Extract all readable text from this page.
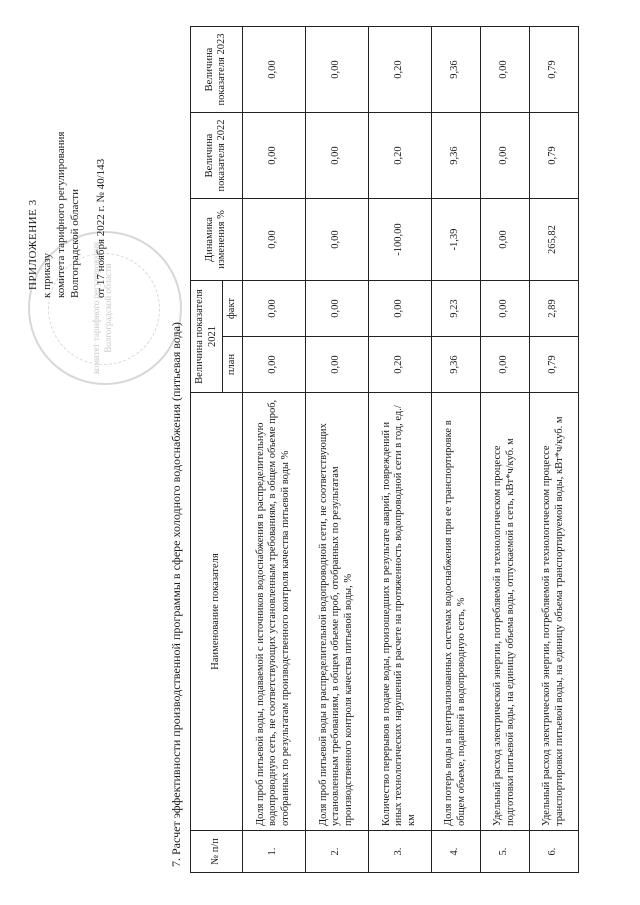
комитет тарифного регулирования Волгоградской области
ПРИЛОЖЕНИЕ 3 к приказу комитета тарифного регулирования Волгоградской области от 17 ноября 2022 г. № 40/143
7. Расчет эффективности производственной программы в сфере холодного водоснабжения (питьевая вода)	№ п/п	Наименование показателя	Величина показателя 2021		Динамика изменения %	Величина показателя 2022	Величина показателя 2023
		план	факт			
1.	Доля проб питьевой воды, подаваемой с источников водоснабжения в распределительную водопроводную сеть, не соответствующих установленным требованиям, в общем объеме проб, отобранных по результатам производственного контроля качества питьевой воды %	0,00	0,00	0,00	0,00	0,00
2.	Доля проб питьевой воды в распределительной водопроводной сети, не соответствующих установленным требованиям, в общем объеме проб, отобранных по результатам производственного контроля качества питьевой воды, %	0,00	0,00	0,00	0,00	0,00
3.	Количество перерывов в подаче воды, произошедших в результате аварий, повреждений и иных технологических нарушений в расчете на протяженность водопроводной сети в год, ед./км	0,20	0,00	-100,00	0,20	0,20
4.	Доля потерь воды в централизованных системах водоснабжения при ее транспортировке в общем объеме, поданной в водопроводную сеть, %	9,36	9,23	-1,39	9,36	9,36
5.	Удельный расход электрической энергии, потребляемой в технологическом процессе подготовки питьевой воды, на единицу объема воды, отпускаемой в сеть, кВт*ч/куб. м	0,00	0,00	0,00	0,00	0,00
6.	Удельный расход электрической энергии, потребляемой в технологическом процессе транспортировки питьевой воды, на единицу объема транспортируемой воды, кВт*ч/куб. м	0,79	2,89	265,82	0,79	0,79
